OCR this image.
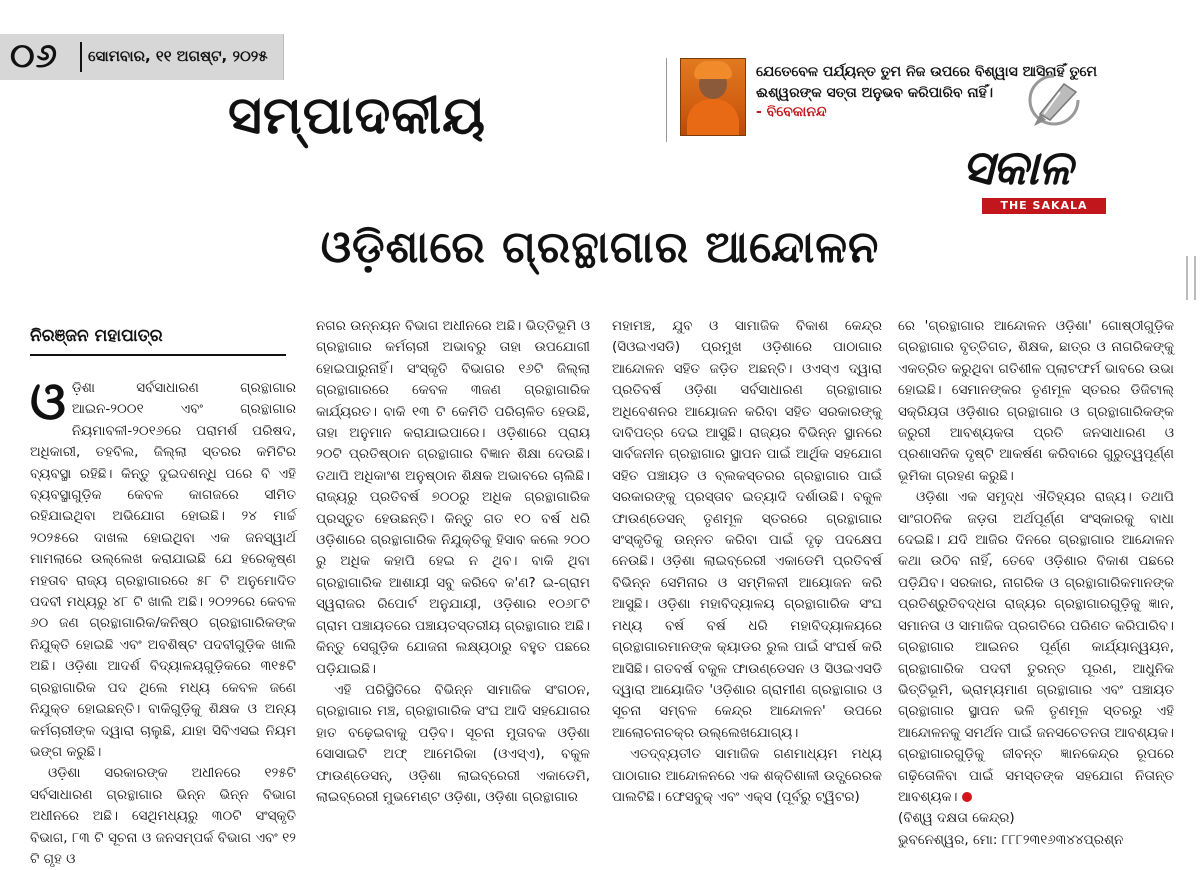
୦୬ ସୋମବାର, ୧୧ ଅଗଷ୍ଟ, ୨୦୨୫
ସମ୍ପାଦକୀୟ
ଯେତେବେଳ ପର୍ଯ୍ୟନ୍ତ ତୁମ ନିଜ ଉପରେ ବିଶ୍ୱାସ ଆସିନାହିଁ ତୁମେ ଈଶ୍ୱରଙ୍କ ସତ୍ତା ଅନୁଭବ କରିପାରିବ ନାହିଁ।
- ବିବେକାନନ୍ଦ
ସକାଳ
THE SAKALA
ଓଡ଼ିଶାରେ ଗ୍ରନ୍ଥାଗାର ଆନ୍ଦୋଳନ
ନିରଞ୍ଜନ ମହାପାତ୍ର

ଓଡ଼ିଶା ସର୍ବସାଧାରଣ ଗ୍ରନ୍ଥାଗାର ଆଇନ-୨୦୦୧ ଏବଂ ଗ୍ରନ୍ଥାଗାର ନିୟମାବଳୀ-୨୦୧୬ରେ ପରାମର୍ଶ ପରିଷଦ, ଅଧିକାରୀ, ତହବିଲ, ଜିଲ୍ଲା ସ୍ତରର କମିଟିର ବ୍ୟବସ୍ଥା ରହିଛି। କିନ୍ତୁ ଦୁଇଦଶନ୍ଧି ପରେ ବି ଏହି ବ୍ୟବସ୍ଥାଗୁଡ଼ିକ କେବଳ କାଗଜରେ ସୀମିତ ରହିଯାଇଥିବା ଅଭିଯୋଗ ହୋଇଛି। ୨୪ ମାର୍ଚ୍ଚ ୨୦୨୫ରେ ଦାଖଲ ହୋଇଥିବା ଏକ ଜନସ୍ୱାର୍ଥ ମାମଲାରେ ଉଲ୍ଲେଖ କରାଯାଇଛି ଯେ ହରେକୃଷ୍ଣ ମହତାବ ରାଜ୍ୟ ଗ୍ରନ୍ଥାଗାରରେ ୫୮ ଟି ଅନୁମୋଦିତ ପଦବୀ ମଧ୍ୟରୁ ୪୮ ଟି ଖାଲି ଅଛି। ୨୦୨୨ରେ କେବଳ ୬୦ ଜଣ ଗ୍ରନ୍ଥାଗାରିକ/କନିଷ୍ଠ ଗ୍ରନ୍ଥାଗାରିକଙ୍କ ନିଯୁକ୍ତି ହୋଇଛି ଏବଂ ଅବଶିଷ୍ଟ ପଦବୀଗୁଡ଼ିକ ଖାଲି ଅଛି। ଓଡ଼ିଶା ଆଦର୍ଶ ବିଦ୍ୟାଳୟଗୁଡ଼ିକରେ ୩୧୫ଟି ଗ୍ରନ୍ଥାଗାରିକ ପଦ ଥିଲେ ମଧ୍ୟ କେବଳ ଜଣେ ନିଯୁକ୍ତ ହୋଇଛନ୍ତି। ବାକିଗୁଡ଼ିକୁ ଶିକ୍ଷକ ଓ ଅନ୍ୟ କର୍ମଚାରୀଙ୍କ ଦ୍ୱାରା ଚାଲୁଛି, ଯାହା ସିବିଏସଇ ନିୟମ ଭଙ୍ଗ କରୁଛି।

ଓଡ଼ିଶା ସରକାରଙ୍କ ଅଧୀନରେ ୧୨୫ଟି ସର୍ବସାଧାରଣ ଗ୍ରନ୍ଥାଗାର ଭିନ୍ନ ଭିନ୍ନ ବିଭାଗ ଅଧୀନରେ ଅଛି। ସେଥିମଧ୍ୟରୁ ୩୦ଟି ସଂସ୍କୃତି ବିଭାଗ, ୮୩ ଟି ସୂଚନା ଓ ଜନସମ୍ପର୍କ ବିଭାଗ ଏବଂ ୧୨ ଟି ଗୃହ ଓ

ନଗର ଉନ୍ନୟନ ବିଭାଗ ଅଧୀନରେ ଅଛି। ଭିତ୍ତିଭୂମି ଓ ଗ୍ରନ୍ଥାଗାର କର୍ମଚାରୀ ଅଭାବରୁ ତାହା ଉପଯୋଗୀ ହୋଇପାରୁନାହିଁ। ସଂସ୍କୃତି ବିଭାଗର ୧୬ଟି ଜିଲ୍ଲା ଗ୍ରନ୍ଥାଗାରରେ କେବଳ ୩ଜଣ ଗ୍ରନ୍ଥାଗାରିକ କାର୍ଯ୍ୟରତ। ବାକି ୧୩ ଟି କେମିତି ପରିଚାଳିତ ହେଉଛି, ତାହା ଅନୁମାନ କରାଯାଇପାରେ। ଓଡ଼ିଶାରେ ପ୍ରାୟ ୨୦ଟି ପ୍ରତିଷ୍ଠାନ ଗ୍ରନ୍ଥାଗାର ବିଜ୍ଞାନ ଶିକ୍ଷା ଦେଉଛି। ତଥାପି ଅଧିକାଂଶ ଅନୁଷ୍ଠାନ ଶିକ୍ଷକ ଅଭାବରେ ଚାଲିଛି। ରାଜ୍ୟରୁ ପ୍ରତିବର୍ଷ ୭୦୦ରୁ ଅଧିକ ଗ୍ରନ୍ଥାଗାରିକ ପ୍ରସ୍ତୁତ ହେଉଛନ୍ତି। କିନ୍ତୁ ଗତ ୧୦ ବର୍ଷ ଧରି ଓଡ଼ିଶାରେ ଗ୍ରନ୍ଥାଗାରିକ ନିଯୁକ୍ତିକୁ ହିସାବ କଲେ ୨୦୦ ରୁ ଅଧିକ କହାପି ହେଇ ନ ଥିବ। ବାକି ଥିବା ଗ୍ରନ୍ଥାଗାରିକ ଆଶାୟୀ ସବୁ କରିବେ କ'ଣ? ଇ-ଗ୍ରାମ ସ୍ୱରାଜର ରିପୋର୍ଟ ଅନୁଯାୟୀ, ଓଡ଼ିଶାର ୧୦୬୮ଟି ଗ୍ରାମ ପଞ୍ଚାୟତରେ ପଞ୍ଚାୟତସ୍ତରୀୟ ଗ୍ରନ୍ଥାଗାର ଅଛି। କିନ୍ତୁ ସେଗୁଡ଼ିକ ଯୋଜନା ଲକ୍ଷ୍ୟଠାରୁ ବହୁତ ପଛରେ ପଡ଼ିଯାଇଛି।

ଏହି ପରିସ୍ଥିତିରେ ବିଭିନ୍ନ ସାମାଜିକ ସଂଗଠନ, ଗ୍ରନ୍ଥାଗାର ମଞ୍ଚ, ଗ୍ରନ୍ଥାଗାରିକ ସଂଘ ଆଦି ସହଯୋଗର ହାତ ବଢ଼େଇବାକୁ ପଡ଼ିବ। ସୂଚନା ମୁତାବକ ଓଡ଼ିଶା ସୋସାଇଟି ଅଫ୍ ଆମେରିକା (ଓଏସ୍‌ଏ), ବକୁଳ ଫାଉଣ୍ଡେସନ୍, ଓଡ଼ିଶା ଲାଇବ୍ରେରୀ ଏକାଡେମି, ଲାଇବ୍ରେରୀ ମୁଭମେଣ୍ଟ ଓଡ଼ିଶା, ଓଡ଼ିଶା ଗ୍ରନ୍ଥାଗାର

ମହାମଞ୍ଚ, ଯୁବ ଓ ସାମାଜିକ ବିକାଶ କେନ୍ଦ୍ର (ସିଓଇଏସଡି) ପ୍ରମୁଖ ଓଡ଼ିଶାରେ ପାଠାଗାର ଆନ୍ଦୋଳନ ସହିତ ଜଡ଼ିତ ଅଛନ୍ତି। ଓଏସ୍‌ଏ ଦ୍ୱାରା ପ୍ରତିବର୍ଷ ଓଡ଼ିଶା ସର୍ବସାଧାରଣ ଗ୍ରନ୍ଥାଗାର ଅଧିବେଶନର ଆୟୋଜନ କରିବା ସହିତ ସରକାରଙ୍କୁ ଦାବିପତ୍ର ଦେଇ ଆସୁଛି। ରାଜ୍ୟର ବିଭିନ୍ନ ସ୍ଥାନରେ ସାର୍ବଜନୀନ ଗ୍ରନ୍ଥାଗାର ସ୍ଥାପନ ପାଇଁ ଆର୍ଥିକ ସହଯୋଗ ସହିତ ପଞ୍ଚାୟତ ଓ ବ୍ଲକସ୍ତରର ଗ୍ରନ୍ଥାଗାର ପାଇଁ ସରକାରଙ୍କୁ ପ୍ରସ୍ତାବ ଇତ୍ୟାଦି ଦର୍ଶାଉଛି। ବକୁଳ ଫାଉଣ୍ଡେସନ୍ ତୃଣମୂଳ ସ୍ତରରେ ଗ୍ରନ୍ଥାଗାର ସଂସ୍କୃତିକୁ ଉନ୍ନତ କରିବା ପାଇଁ ଦୃଢ଼ ପଦକ୍ଷେପ ନେଉଛି। ଓଡ଼ିଶା ଲାଇବ୍ରେରୀ ଏକାଡେମି ପ୍ରତିବର୍ଷ ବିଭିନ୍ନ ସେମିନାର ଓ ସମ୍ମିଳନୀ ଆୟୋଜନ କରି ଆସୁଛି। ଓଡ଼ିଶା ମହାବିଦ୍ୟାଳୟ ଗ୍ରନ୍ଥାଗାରିକ ସଂଘ ମଧ୍ୟ ବର୍ଷ ବର୍ଷ ଧରି ମହାବିଦ୍ୟାଳୟରେ ଗ୍ରନ୍ଥାଗାରମାନଙ୍କ କ୍ୟାଡର ରୁଲ ପାଇଁ ସଂଘର୍ଷ କରି ଆସିଛି। ଗତବର୍ଷ ବକୁଳ ଫାଉଣ୍ଡେସନ ଓ ସିଓଇଏସଡି ଦ୍ୱାରା ଆୟୋଜିତ 'ଓଡ଼ିଶାର ଗ୍ରାମୀଣ ଗ୍ରନ୍ଥାଗାର ଓ ସୂଚନା ସମ୍ବଳ କେନ୍ଦ୍ର ଆନ୍ଦୋଳନ' ଉପରେ ଆଲୋଚନାଚକ୍ର ଉଲ୍ଲେଖଯୋଗ୍ୟ।

ଏତଦ୍ବ୍ୟତୀତ ସାମାଜିକ ଗଣମାଧ୍ୟମ ମଧ୍ୟ ପାଠାଗାର ଆନ୍ଦୋଳନରେ ଏକ ଶକ୍ତିଶାଳୀ ଉତ୍ପ୍ରେରକ ପାଲଟିଛି। ଫେସବୁକ୍ ଏବଂ ଏକ୍ସ (ପୂର୍ବରୁ ଟ୍ୱିଟର)

ରେ 'ଗ୍ରନ୍ଥାଗାର ଆନ୍ଦୋଳନ ଓଡ଼ିଶା' ଗୋଷ୍ଠୀଗୁଡ଼ିକ ଗ୍ରନ୍ଥାଗାର ବୃତ୍ତିଗତ, ଶିକ୍ଷକ, ଛାତ୍ର ଓ ନାଗରିକଙ୍କୁ ଏକତ୍ରିତ କରୁଥିବା ଗତିଶୀଳ ପ୍ଲାଟଫର୍ମ ଭାବରେ ଉଭା ହୋଇଛି। ସେମାନଙ୍କର ତୃଣମୂଳ ସ୍ତରର ଡିଜିଟାଲ୍ ସକ୍ରିୟତା ଓଡ଼ିଶାର ଗ୍ରନ୍ଥାଗାର ଓ ଗ୍ରନ୍ଥାଗାରିକଙ୍କ ଜରୁରୀ ଆବଶ୍ୟକତା ପ୍ରତି ଜନସାଧାରଣ ଓ ପ୍ରଶାସନିକ ଦୃଷ୍ଟି ଆକର୍ଷଣ କରିବାରେ ଗୁରୁତ୍ୱପୂର୍ଣ୍ଣ ଭୂମିକା ଗ୍ରହଣ କରୁଛି।

ଓଡ଼ିଶା ଏକ ସମୃଦ୍ଧ ଐତିହ୍ୟର ରାଜ୍ୟ। ତଥାପି ସାଂଗଠନିକ ଜଡ଼ତା ଅର୍ଥପୂର୍ଣ୍ଣ ସଂସ୍କାରକୁ ବାଧା ଦେଇଛି। ଯଦି ଆଜିର ଦିନରେ ଗ୍ରନ୍ଥାଗାର ଆନ୍ଦୋଳନ କଥା ଉଠିବ ନାହିଁ, ତେବେ ଓଡ଼ିଶାର ବିକାଶ ପଛରେ ପଡ଼ିଯିବ। ସରକାର, ନାଗରିକ ଓ ଗ୍ରନ୍ଥାଗାରିକମାନଙ୍କ ପ୍ରତିଶ୍ରୁତିବଦ୍ଧତା ରାଜ୍ୟର ଗ୍ରନ୍ଥାଗାରଗୁଡ଼ିକୁ ଜ୍ଞାନ, ସମାନତା ଓ ସାମାଜିକ ପ୍ରଗତିରେ ପରିଣତ କରିପାରିବ। ଗ୍ରନ୍ଥାଗାର ଆଇନର ପୂର୍ଣ୍ଣ କାର୍ଯ୍ୟାନ୍ୱୟନ, ଗ୍ରନ୍ଥାଗାରିକ ପଦବୀ ତୁରନ୍ତ ପୂରଣ, ଆଧୁନିକ ଭିତ୍ତିଭୂମି, ଭ୍ରାମ୍ୟମାଣ ଗ୍ରନ୍ଥାଗାର ଏବଂ ପଞ୍ଚାୟତ ଗ୍ରନ୍ଥାଗାର ସ୍ଥାପନ ଭଳି ତୃଣମୂଳ ସ୍ତରରୁ ଏହି ଆନ୍ଦୋଳନକୁ ସମର୍ଥନ ପାଇଁ ଜନସଚେତନତା ଆବଶ୍ୟକ। ଗ୍ରନ୍ଥାଗାରଗୁଡ଼ିକୁ ଜୀବନ୍ତ ଜ୍ଞାନକେନ୍ଦ୍ର ରୂପରେ ଗଢ଼ିତୋଳିବା ପାଇଁ ସମସ୍ତଙ୍କ ସହଯୋଗ ନିତାନ୍ତ ଆବଶ୍ୟକ।

(ବିଶ୍ୱ ଦକ୍ଷତା କେନ୍ଦ୍ର)

ଭୁବନେଶ୍ୱର, ମୋ: ୮୮୮୨୩୧୬୩୪୪ପ୍ରଶ୍ନ
